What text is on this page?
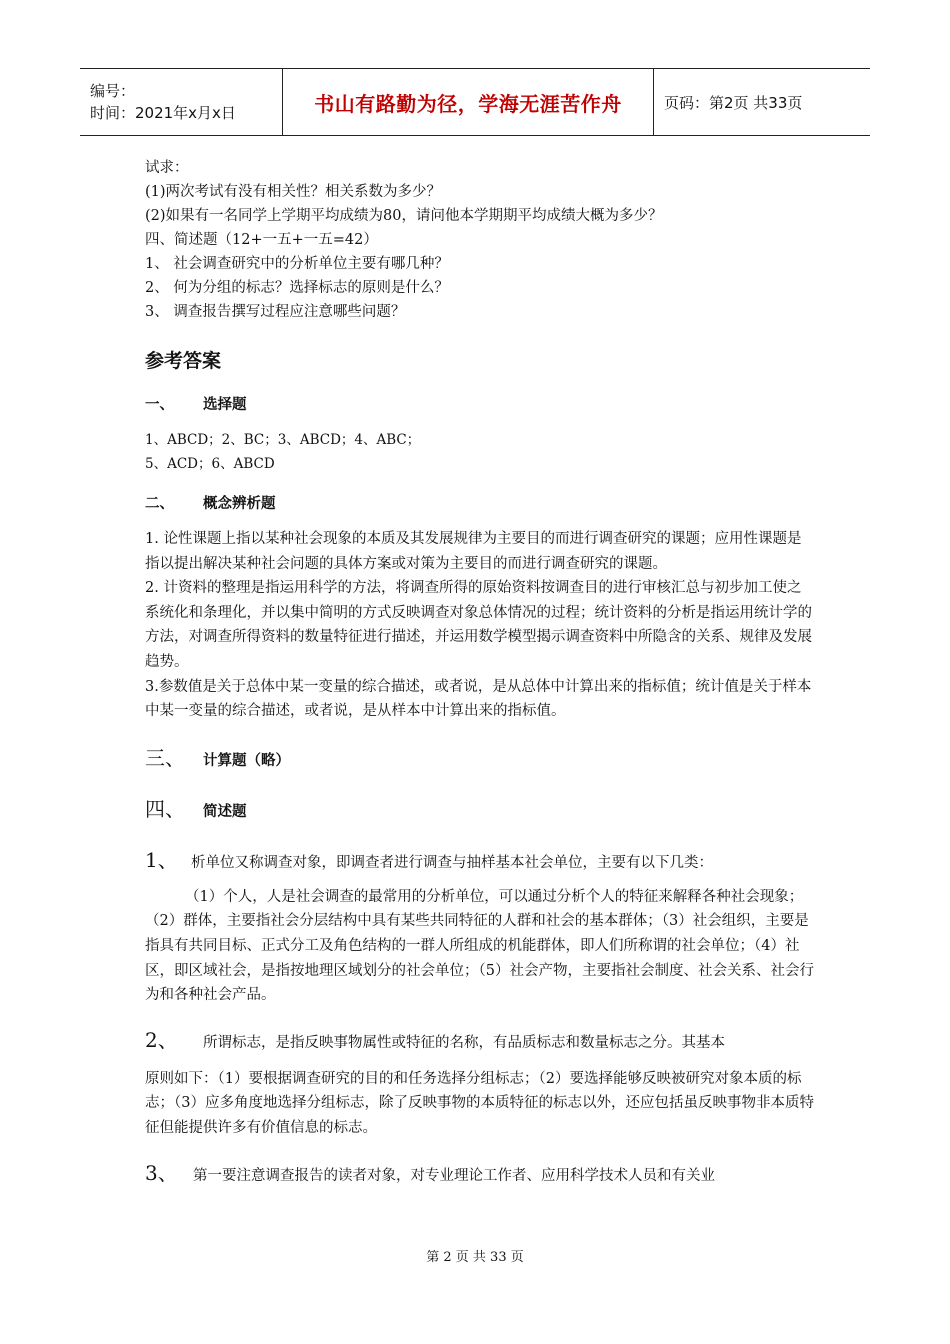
编号：
时间：2021年x月x日	书山有路勤为径，学海无涯苦作舟	页码：第2页 共33页
试求：
(1)两次考试有没有相关性？相关系数为多少？
(2)如果有一名同学上学期平均成绩为80，请问他本学期期平均成绩大概为多少？
四、简述题（12+一五+一五=42）
1、 社会调查研究中的分析单位主要有哪几种？
2、 何为分组的标志？选择标志的原则是什么？
3、 调查报告撰写过程应注意哪些问题？
参考答案
一、	选择题
1、ABCD；2、BC；3、ABCD；4、ABC；
5、ACD；6、ABCD
二、	概念辨析题
1. 论性课题上指以某种社会现象的本质及其发展规律为主要目的而进行调查研究的课题；应用性课题是指以提出解决某种社会问题的具体方案或对策为主要目的而进行调查研究的课题。
2. 计资料的整理是指运用科学的方法，将调查所得的原始资料按调查目的进行审核汇总与初步加工使之系统化和条理化，并以集中简明的方式反映调查对象总体情况的过程；统计资料的分析是指运用统计学的方法，对调查所得资料的数量特征进行描述，并运用数学模型揭示调查资料中所隐含的关系、规律及发展趋势。
3.参数值是关于总体中某一变量的综合描述，或者说，是从总体中计算出来的指标值；统计值是关于样本中某一变量的综合描述，或者说，是从样本中计算出来的指标值。
三、	计算题（略）
四、	简述题
1、 析单位又称调查对象，即调查者进行调查与抽样基本社会单位，主要有以下几类：
（1）个人，人是社会调查的最常用的分析单位，可以通过分析个人的特征来解释各种社会现象；（2）群体，主要指社会分层结构中具有某些共同特征的人群和社会的基本群体；（3）社会组织，主要是指具有共同目标、正式分工及角色结构的一群人所组成的机能群体，即人们所称谓的社会单位；（4）社区，即区域社会，是指按地理区域划分的社会单位；（5）社会产物，主要指社会制度、社会关系、社会行为和各种社会产品。
2、	所谓标志，是指反映事物属性或特征的名称，有品质标志和数量标志之分。其基本
原则如下：（1）要根据调查研究的目的和任务选择分组标志；（2）要选择能够反映被研究对象本质的标志；（3）应多角度地选择分组标志，除了反映事物的本质特征的标志以外，还应包括虽反映事物非本质特征但能提供许多有价值信息的标志。
3、	第一要注意调查报告的读者对象，对专业理论工作者、应用科学技术人员和有关业
第 2 页 共 33 页
